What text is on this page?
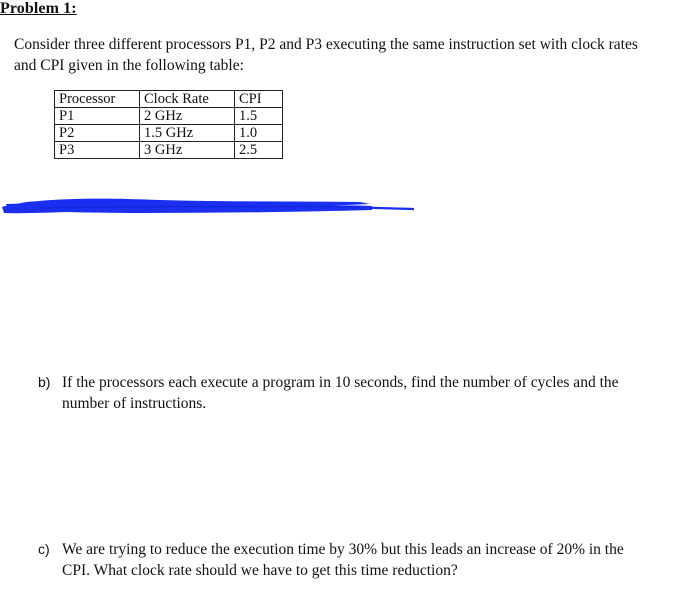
Problem 1:

Consider three different processors P1, P2 and P3 executing the same instruction set with clock rates and CPI given in the following table:

Processor	Clock Rate	CPI
P1	2 GHz	1.5
P2	1.5 GHz	1.0
P3	3 GHz	2.5
b) If the processors each execute a program in 10 seconds, find the number of cycles and the number of instructions.
c) We are trying to reduce the execution time by 30% but this leads an increase of 20% in the CPI. What clock rate should we have to get this time reduction?
